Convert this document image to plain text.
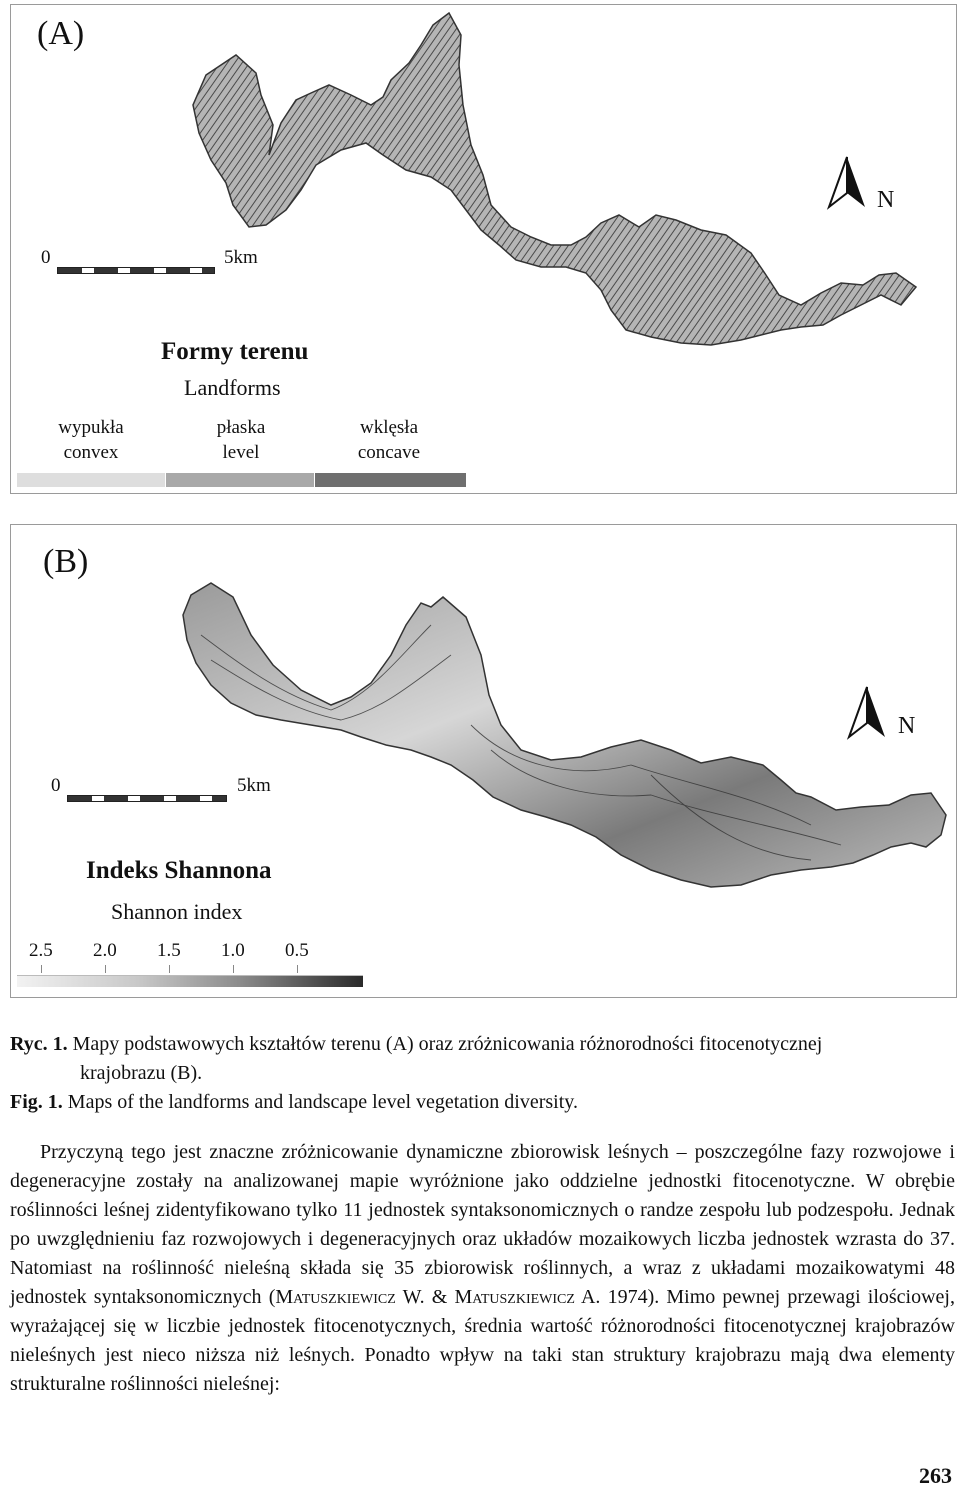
(A)
N
0	5km
Formy terenu
Landforms
wypukła
convex
płaska
level
wklęsła
concave
(B)
N
0	5km
Indeks Shannona
Shannon index
2.5 2.0 1.5 1.0 0.5
Ryc. 1. Mapy podstawowych kształtów terenu (A) oraz zróżnicowania różnorodności fitocenotycznej
krajobrazu (B).
Fig. 1. Maps of the landforms and landscape level vegetation diversity.
Przyczyną tego jest znaczne zróżnicowanie dynamiczne zbiorowisk leśnych – poszczególne fazy rozwojowe i degeneracyjne zostały na analizowanej mapie wyróżnione jako oddzielne jednostki fitocenotyczne. W obrębie roślinności leśnej zidentyfikowano tylko 11 jednostek syntaksonomicznych o randze zespołu lub podzespołu. Jednak po uwzględnieniu faz rozwojowych i degeneracyjnych oraz układów mozaikowych liczba jednostek wzrasta do 37. Natomiast na roślinność nieleśną składa się 35 zbiorowisk roślinnych, a wraz z układami mozaikowatymi 48 jednostek syntaksonomicznych (Matuszkiewicz W. & Matuszkiewicz A. 1974). Mimo pewnej przewagi ilościowej, wyrażającej się w liczbie jednostek fitocenotycznych, średnia wartość różnorodności fitocenotycznej krajobrazów nieleśnych jest nieco niższa niż leśnych. Ponadto wpływ na taki stan struktury krajobrazu mają dwa elementy strukturalne roślinności nieleśnej:
263
